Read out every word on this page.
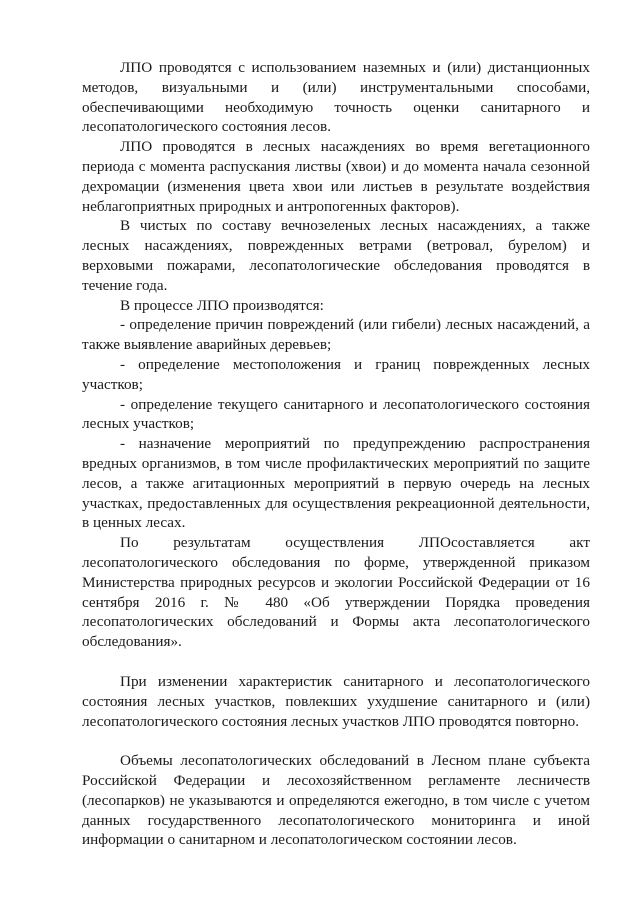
ЛПО проводятся с использованием наземных и (или) дистанционных методов, визуальными и (или) инструментальными способами, обеспечивающими необходимую точность оценки санитарного и лесопатологического состояния лесов.

ЛПО проводятся в лесных насаждениях во время вегетационного периода с момента распускания листвы (хвои) и до момента начала сезонной дехромации (изменения цвета хвои или листьев в результате воздействия неблагоприятных природных и антропогенных факторов).

В чистых по составу вечнозеленых лесных насаждениях, а также лесных насаждениях, поврежденных ветрами (ветровал, бурелом) и верховыми пожарами, лесопатологические обследования проводятся в течение года.

В процессе ЛПО производятся:

- определение причин повреждений (или гибели) лесных насаждений, а также выявление аварийных деревьев;

- определение местоположения и границ поврежденных лесных участков;

- определение текущего санитарного и лесопатологического состояния лесных участков;

- назначение мероприятий по предупреждению распространения вредных организмов, в том числе профилактических мероприятий по защите лесов, а также агитационных мероприятий в первую очередь на лесных участках, предоставленных для осуществления рекреационной деятельности, в ценных лесах.

По результатам осуществления ЛПОсоставляется акт лесопатологического обследования по форме, утвержденной приказом Министерства природных ресурсов и экологии Российской Федерации от 16 сентября 2016 г. № 480 «Об утверждении Порядка проведения лесопатологических обследований и Формы акта лесопатологического обследования».

При изменении характеристик санитарного и лесопатологического состояния лесных участков, повлекших ухудшение санитарного и (или) лесопатологического состояния лесных участков ЛПО проводятся повторно.

Объемы лесопатологических обследований в Лесном плане субъекта Российской Федерации и лесохозяйственном регламенте лесничеств (лесопарков) не указываются и определяются ежегодно, в том числе с учетом данных государственного лесопатологического мониторинга и иной информации о санитарном и лесопатологическом состоянии лесов.
